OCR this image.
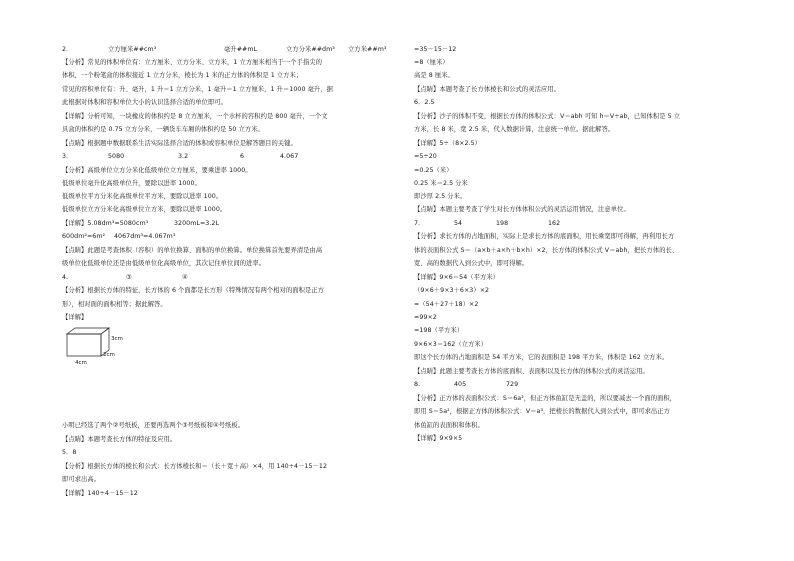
2.	立方厘米##cm³	毫升##mL	立方分米##dm³ 立方米##m³
【分析】常见的体积单位有：立方厘米、立方分米、立方米，1 立方厘米相当于一个手指尖的
体积，一个粉笔盒的体积接近 1 立方分米，棱长为 1 米的正方体的体积是 1 立方米；
常见的容积单位有：升、毫升，1 升＝1 立方分米，1 毫升＝1 立方厘米，1 升＝1000 毫升，据
此根据对体积和容积单位大小的认识选择合适的单位即可。
【详解】分析可知，一块橡皮的体积约是 8 立方厘米，一个水杯的容积约是 800 毫升，一个文
具盒的体积约是 0.75 立方分米，一辆货车车厢的体积约是 50 立方米。
【点睛】根据题中数据联系生活实际选择合适的体积或容积单位是解答题目的关键。
3.	5080	3.2	6	4.067
【分析】高级单位立方分米化低级单位立方厘米，要乘进率 1000。
低级单位毫升化高级单位升，要除以进率 1000。
低级单位平方分米化高级单位平方米，要除以进率 100。
低级单位立方分米化高级单位立方米，要除以进率 1000。
【详解】5.08dm³=5080cm³	3200mL=3.2L
600dm²=6m² 4067dm³=4.067m³
【点睛】此题是考查体积（容积）的单位换算、面积的单位换算。单位换算首先要弄清是由高
级单位化低级单位还是由低级单位化高级单位，其次记住单位间的进率。
4.	③	④
【分析】根据长方体的特征，长方体的 6 个面都是长方形（特殊情况有两个相对的面积是正方
形），相对面的面积相等；据此解答。
【详解】
3cm
2cm
4cm
小明已经选了两个②号纸板，还要再选两个③号纸板和④号纸板。
【点睛】本题考查长方体的特征及应用。
5．8
【分析】根据长方体的棱长和公式：长方体棱长和＝（长＋宽＋高）×4，用 140÷4－15－12
即可求出高。
【详解】140÷4－15－12
=35－15－12
=8（厘米）
高是 8 厘米。
【点睛】本题考查了长方体棱长和公式的灵活应用。
6．2.5
【分析】沙子的体积不变，根据长方体的体积公式：V＝abh 可知 h＝V÷ab，已知体积是 5 立
方米，长 8 米，宽 2.5 米，代入数据计算，注意统一单位。据此解答。
【详解】5÷（8×2.5）
=5÷20
=0.25（米）
0.25 米＝2.5 分米
即沙厚 2.5 分米。
【点睛】本题主要考查了学生对长方体体积公式的灵活运用情况，注意单位。
7.	54	198	162
【分析】求长方体的占地面积，实际上是求长方体的底面积，用长乘宽即可得解，再利用长方
体的表面积公式 S＝（a×b＋a×h＋b×h）×2，长方体的体积公式 V＝abh，把长方体的长、
宽、高的数据代入到公式中，即可得解。
【详解】9×6＝54（平方米）
（9×6＋9×3＋6×3）×2
=（54＋27＋18）×2
=99×2
=198（平方米）
9×6×3＝162（立方米）
即这个长方体的占地面积是 54 平方米，它的表面积是 198 平方米，体积是 162 立方米。
【点睛】此题主要考查长方体的底面积、表面积以及长方体的体积公式的灵活运用。
8.	405	729
【分析】正方体的表面积公式：S＝6a²，但正方体鱼缸是无盖的，所以要减去一个面的面积，
即用 S＝5a²，根据正方体的体积公式：V＝a³，把棱长的数据代入到公式中，即可求出正方
体鱼缸的表面积和体积。
【详解】9×9×5
